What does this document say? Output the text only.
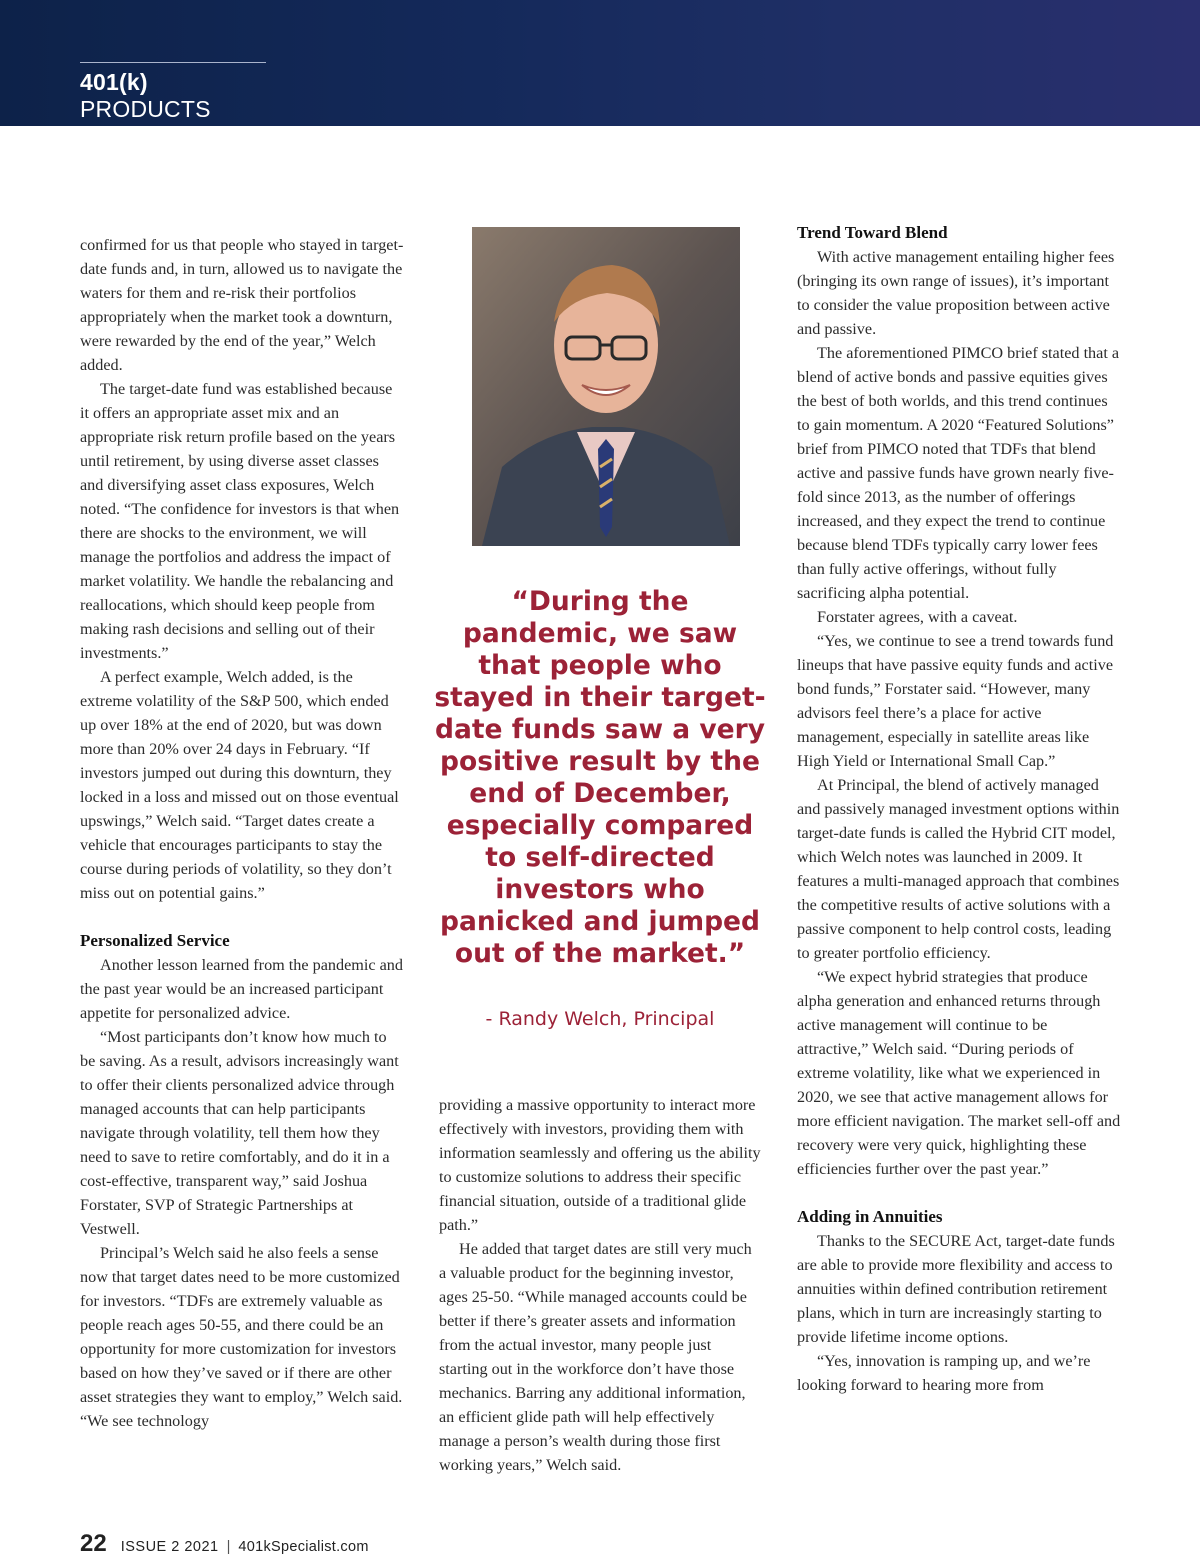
401(k) PRODUCTS

confirmed for us that people who stayed in target-date funds and, in turn, allowed us to navigate the waters for them and re-risk their portfolios appropriately when the market took a downturn, were rewarded by the end of the year,” Welch added.

The target-date fund was established because it offers an appropriate asset mix and an appropriate risk return profile based on the years until retirement, by using diverse asset classes and diversifying asset class exposures, Welch noted. “The confidence for investors is that when there are shocks to the environment, we will manage the portfolios and address the impact of market volatility. We handle the rebalancing and reallocations, which should keep people from making rash decisions and selling out of their investments.”

A perfect example, Welch added, is the extreme volatility of the S&P 500, which ended up over 18% at the end of 2020, but was down more than 20% over 24 days in February. “If investors jumped out during this downturn, they locked in a loss and missed out on those eventual upswings,” Welch said. “Target dates create a vehicle that encourages participants to stay the course during periods of volatility, so they don’t miss out on potential gains.”

Personalized Service

Another lesson learned from the pandemic and the past year would be an increased participant appetite for personalized advice.

“Most participants don’t know how much to be saving. As a result, advisors increasingly want to offer their clients personalized advice through managed accounts that can help participants navigate through volatility, tell them how they need to save to retire comfortably, and do it in a cost-effective, transparent way,” said Joshua Forstater, SVP of Strategic Partnerships at Vestwell.

Principal’s Welch said he also feels a sense now that target dates need to be more customized for investors. “TDFs are extremely valuable as people reach ages 50-55, and there could be an opportunity for more customization for investors based on how they’ve saved or if there are other asset strategies they want to employ,” Welch said. “We see technology

“During the pandemic, we saw that people who stayed in their target-date funds saw a very positive result by the end of December, especially compared to self-directed investors who panicked and jumped out of the market.”
- Randy Welch, Principal

providing a massive opportunity to interact more effectively with investors, providing them with information seamlessly and offering us the ability to customize solutions to address their specific financial situation, outside of a traditional glide path.”

He added that target dates are still very much a valuable product for the beginning investor, ages 25-50. “While managed accounts could be better if there’s greater assets and information from the actual investor, many people just starting out in the workforce don’t have those mechanics. Barring any additional information, an efficient glide path will help effectively manage a person’s wealth during those first working years,” Welch said.

Trend Toward Blend

With active management entailing higher fees (bringing its own range of issues), it’s important to consider the value proposition between active and passive.

The aforementioned PIMCO brief stated that a blend of active bonds and passive equities gives the best of both worlds, and this trend continues to gain momentum. A 2020 “Featured Solutions” brief from PIMCO noted that TDFs that blend active and passive funds have grown nearly five-fold since 2013, as the number of offerings increased, and they expect the trend to continue because blend TDFs typically carry lower fees than fully active offerings, without fully sacrificing alpha potential.

Forstater agrees, with a caveat.

“Yes, we continue to see a trend towards fund lineups that have passive equity funds and active bond funds,” Forstater said. “However, many advisors feel there’s a place for active management, especially in satellite areas like High Yield or International Small Cap.”

At Principal, the blend of actively managed and passively managed investment options within target-date funds is called the Hybrid CIT model, which Welch notes was launched in 2009. It features a multi-managed approach that combines the competitive results of active solutions with a passive component to help control costs, leading to greater portfolio efficiency.

“We expect hybrid strategies that produce alpha generation and enhanced returns through active management will continue to be attractive,” Welch said. “During periods of extreme volatility, like what we experienced in 2020, we see that active management allows for more efficient navigation. The market sell-off and recovery were very quick, highlighting these efficiencies further over the past year.”

Adding in Annuities

Thanks to the SECURE Act, target-date funds are able to provide more flexibility and access to annuities within defined contribution retirement plans, which in turn are increasingly starting to provide lifetime income options.

“Yes, innovation is ramping up, and we’re looking forward to hearing more from

22 ISSUE 2 2021 | 401kSpecialist.com
